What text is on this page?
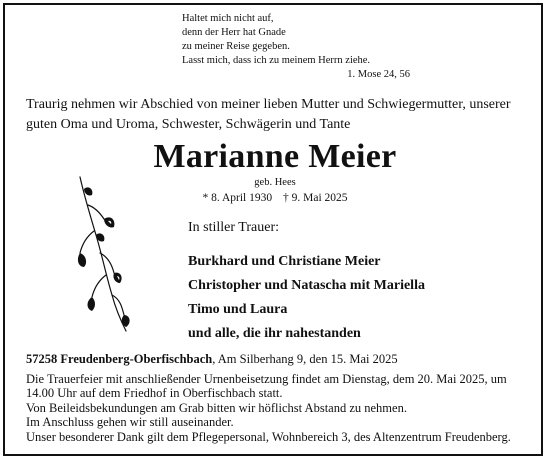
Haltet mich nicht auf,
denn der Herr hat Gnade
zu meiner Reise gegeben.
Lasst mich, dass ich zu meinem Herrn ziehe.
1. Mose 24, 56
Traurig nehmen wir Abschied von meiner lieben Mutter und Schwiegermutter, unserer guten Oma und Uroma, Schwester, Schwägerin und Tante
Marianne Meier
geb. Hees
* 8. April 1930 † 9. Mai 2025
In stiller Trauer:
Burkhard und Christiane Meier
Christopher und Natascha mit Mariella
Timo und Laura
und alle, die ihr nahestanden

57258 Freudenberg-Oberfischbach, Am Silberhang 9, den 15. Mai 2025

Die Trauerfeier mit anschließender Urnenbeisetzung findet am Dienstag, dem 20. Mai 2025, um 14.00 Uhr auf dem Friedhof in Oberfischbach statt.

Von Beileidsbekundungen am Grab bitten wir höflichst Abstand zu nehmen.

Im Anschluss gehen wir still auseinander.

Unser besonderer Dank gilt dem Pflegepersonal, Wohnbereich 3, des Altenzentrum Freudenberg.
